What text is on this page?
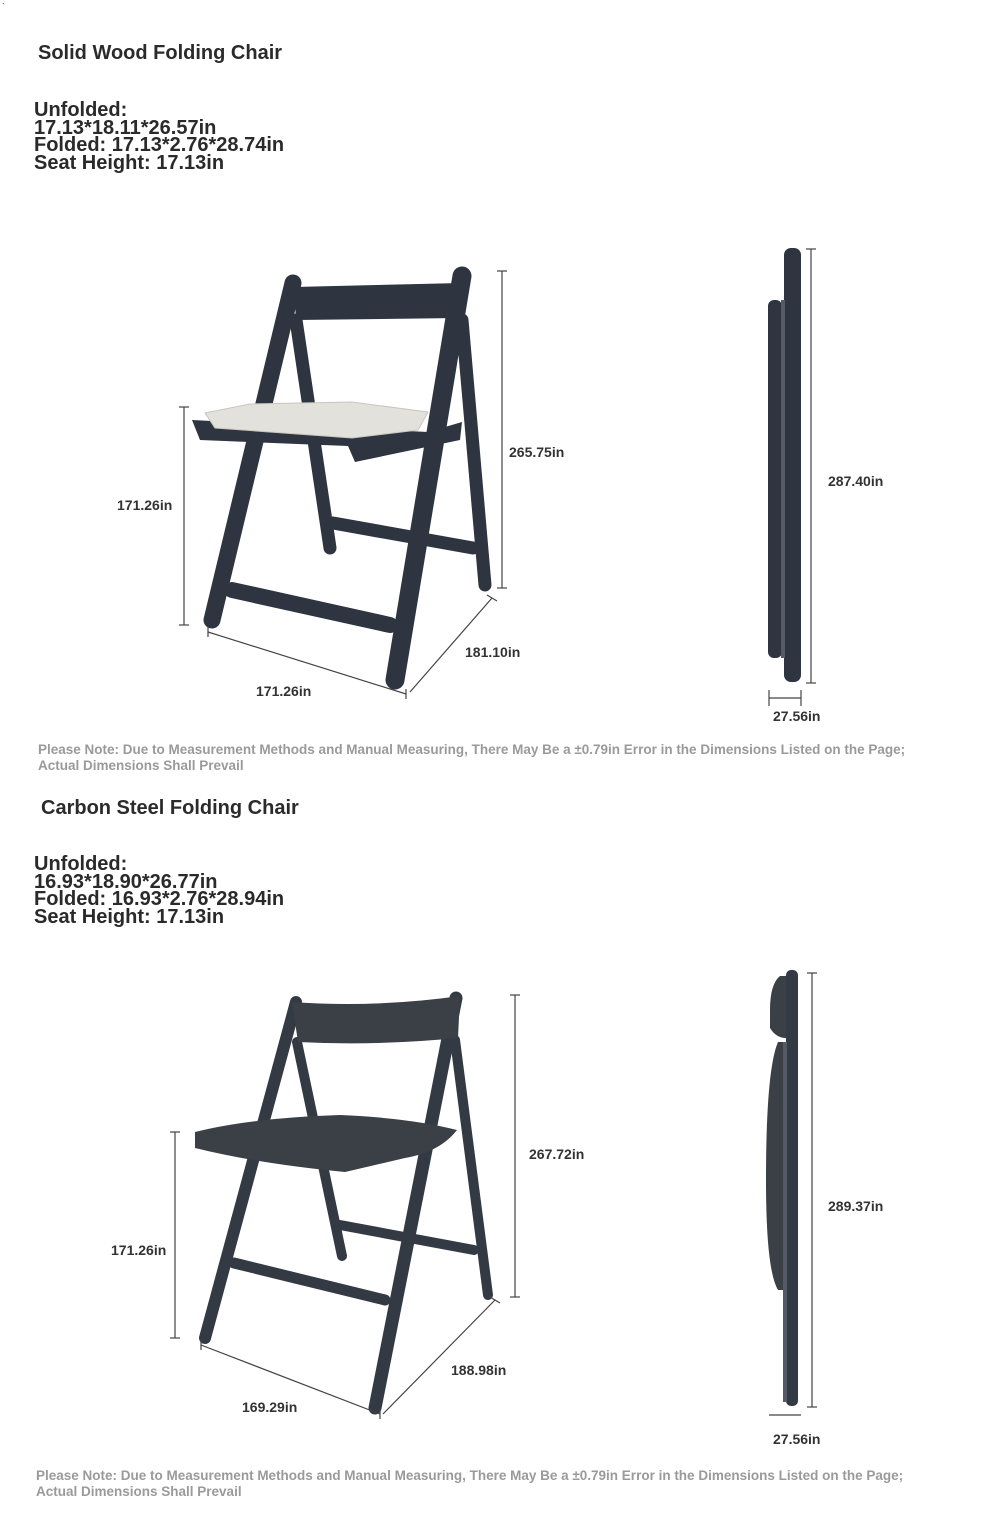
`
Solid Wood Folding Chair
Unfolded:
17.13*18.11*26.57in
Folded: 17.13*2.76*28.74in
Seat Height: 17.13in
171.26in
171.26in
181.10in
265.75in
287.40in
27.56in
Please Note: Due to Measurement Methods and Manual Measuring, There May Be a ±0.79in Error in the Dimensions Listed on the Page;
Actual Dimensions Shall Prevail
Carbon Steel Folding Chair
Unfolded:
16.93*18.90*26.77in
Folded: 16.93*2.76*28.94in
Seat Height: 17.13in
171.26in
169.29in
188.98in
267.72in
289.37in
27.56in
Please Note: Due to Measurement Methods and Manual Measuring, There May Be a ±0.79in Error in the Dimensions Listed on the Page;
Actual Dimensions Shall Prevail
